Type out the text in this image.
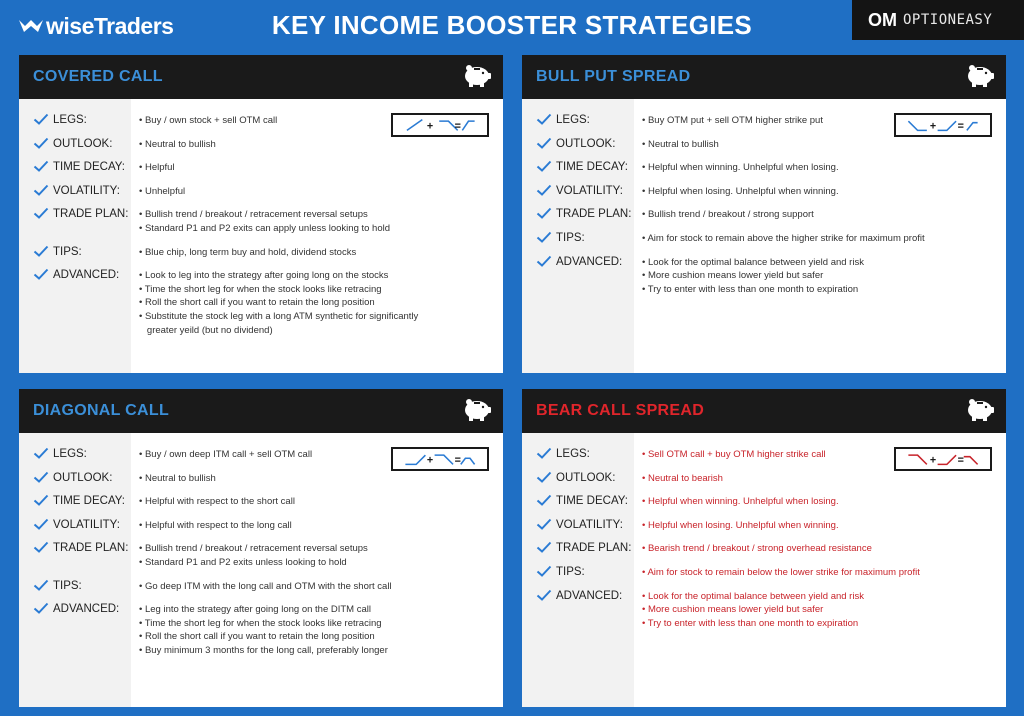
wiseTraders	KEY INCOME BOOSTER STRATEGIES	OM OPTIONEASY
COVERED CALL
LEGS:	• Buy / own stock + sell OTM call
OUTLOOK:	• Neutral to bullish
TIME DECAY: • Helpful
VOLATILITY: • Unhelpful
TRADE PLAN: • Bullish trend / breakout / retracement reversal setups
• Standard P1 and P2 exits can apply unless looking to hold
TIPS:	• Blue chip, long term buy and hold, dividend stocks
ADVANCED: • Look to leg into the strategy after going long on the stocks
• Time the short leg for when the stock looks like retracing
• Roll the short call if you want to retain the long position
• Substitute the stock leg with a long ATM synthetic for significantly
greater yeild (but no dividend)
+ =
BULL PUT SPREAD
LEGS:	• Buy OTM put + sell OTM higher strike put
OUTLOOK:	• Neutral to bullish
TIME DECAY: • Helpful when winning. Unhelpful when losing.
VOLATILITY: • Helpful when losing. Unhelpful when winning.
TRADE PLAN: • Bullish trend / breakout / strong support
TIPS:	• Aim for stock to remain above the higher strike for maximum profit
ADVANCED: • Look for the optimal balance between yield and risk
• More cushion means lower yield but safer
• Try to enter with less than one month to expiration
+ =
DIAGONAL CALL
LEGS:	• Buy / own deep ITM call + sell OTM call
OUTLOOK:	• Neutral to bullish
TIME DECAY: • Helpful with respect to the short call
VOLATILITY: • Helpful with respect to the long call
TRADE PLAN: • Bullish trend / breakout / retracement reversal setups
• Standard P1 and P2 exits unless looking to hold
TIPS:	• Go deep ITM with the long call and OTM with the short call
ADVANCED: • Leg into the strategy after going long on the DITM call
• Time the short leg for when the stock looks like retracing
• Roll the short call if you want to retain the long position
• Buy minimum 3 months for the long call, preferably longer
+ =
BEAR CALL SPREAD
LEGS:	• Sell OTM call + buy OTM higher strike call
OUTLOOK:	• Neutral to bearish
TIME DECAY: • Helpful when winning. Unhelpful when losing.
VOLATILITY: • Helpful when losing. Unhelpful when winning.
TRADE PLAN: • Bearish trend / breakout / strong overhead resistance
TIPS:	• Aim for stock to remain below the lower strike for maximum profit
ADVANCED: • Look for the optimal balance between yield and risk
• More cushion means lower yield but safer
• Try to enter with less than one month to expiration
+ =
